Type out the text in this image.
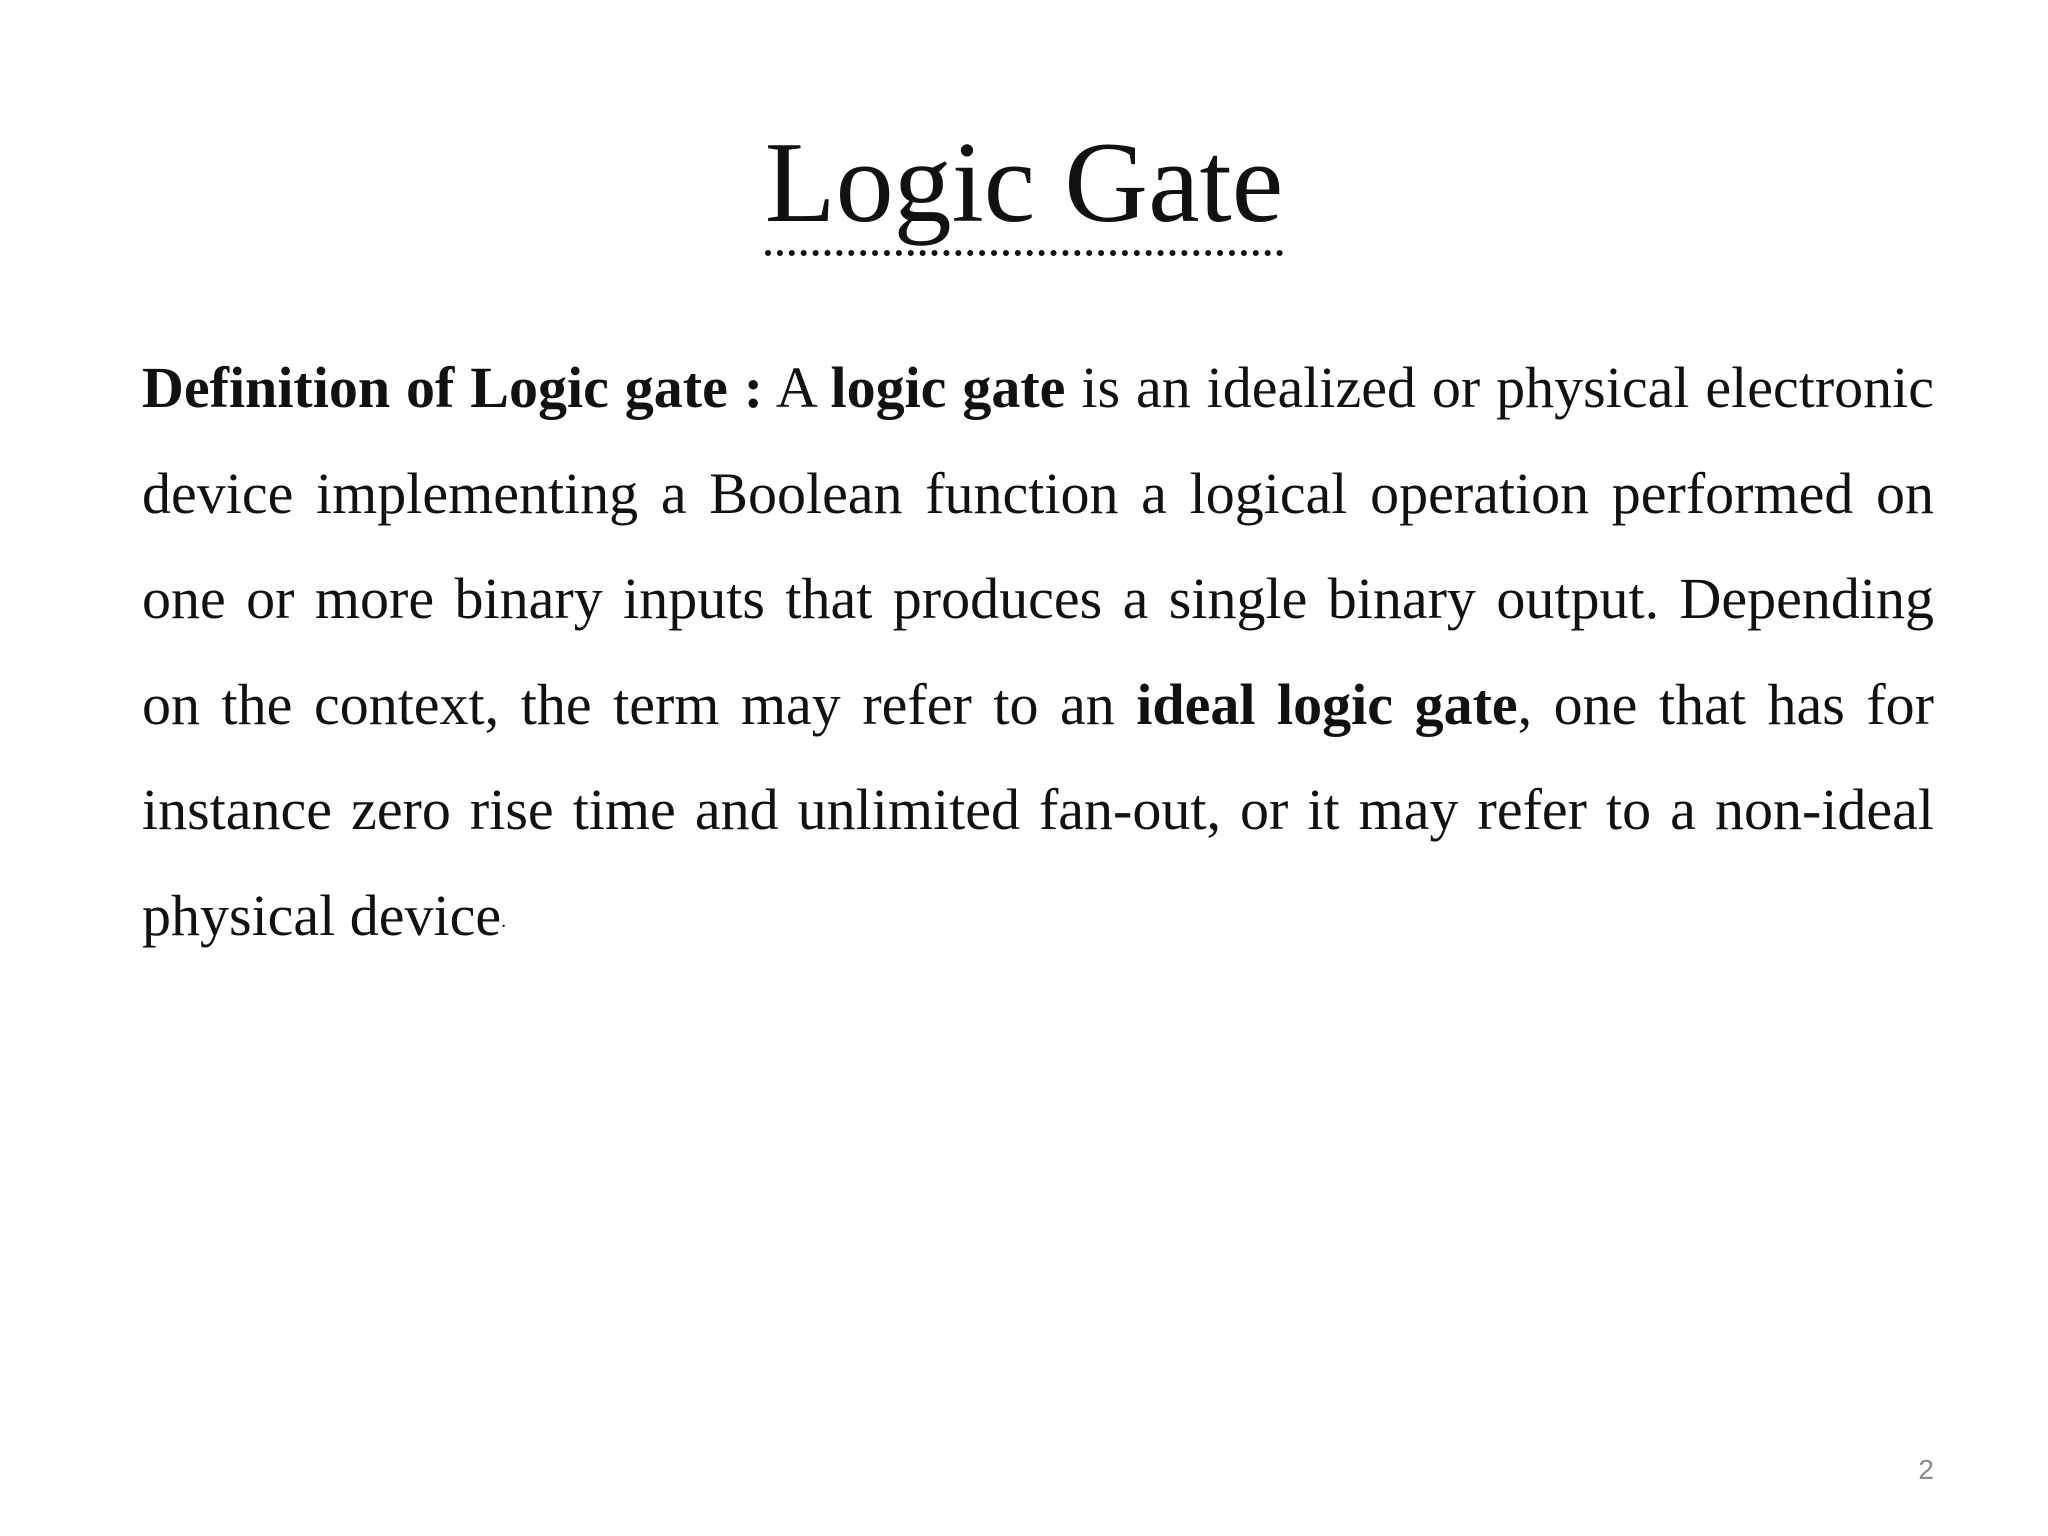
Logic Gate

Definition of Logic gate : A logic gate is an idealized or physical electronic device implementing a Boolean function a logical operation performed on one or more binary inputs that produces a single binary output. Depending on the context, the term may refer to an ideal logic gate, one that has for instance zero rise time and unlimited fan-out, or it may refer to a non-ideal physical device.

2
